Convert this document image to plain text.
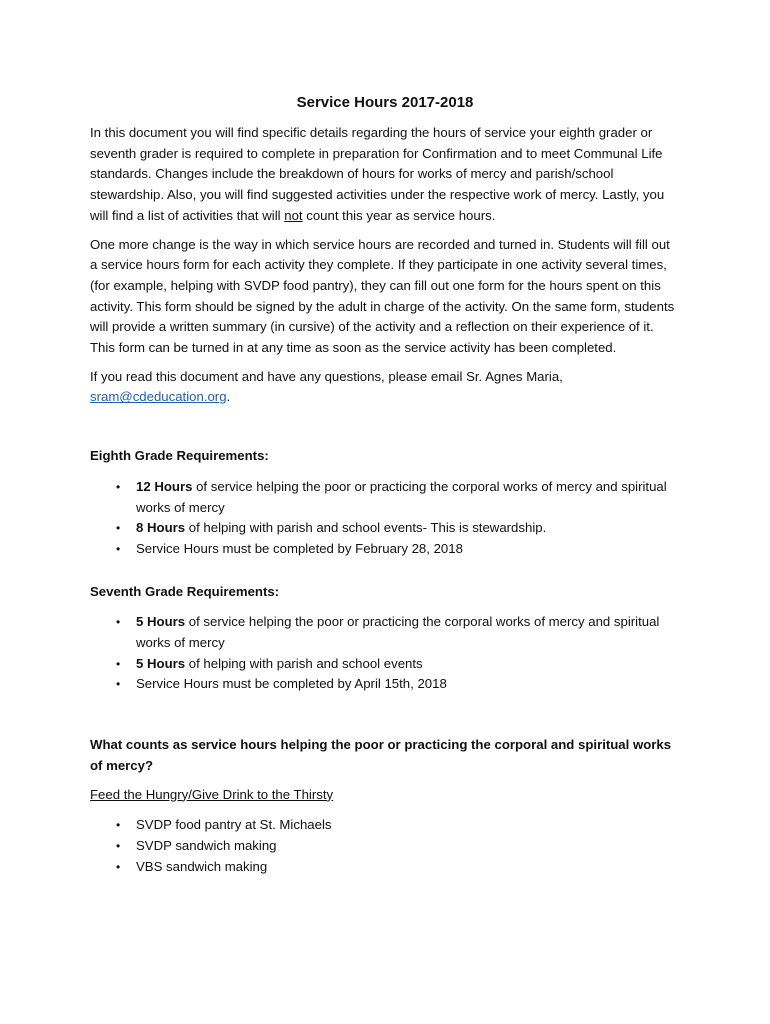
Service Hours 2017-2018

In this document you will find specific details regarding the hours of service your eighth grader or seventh grader is required to complete in preparation for Confirmation and to meet Communal Life standards. Changes include the breakdown of hours for works of mercy and parish/school stewardship. Also, you will find suggested activities under the respective work of mercy. Lastly, you will find a list of activities that will not count this year as service hours.

One more change is the way in which service hours are recorded and turned in. Students will fill out a service hours form for each activity they complete. If they participate in one activity several times, (for example, helping with SVDP food pantry), they can fill out one form for the hours spent on this activity. This form should be signed by the adult in charge of the activity. On the same form, students will provide a written summary (in cursive) of the activity and a reflection on their experience of it. This form can be turned in at any time as soon as the service activity has been completed.

If you read this document and have any questions, please email Sr. Agnes Maria,
sram@cdeducation.org.

Eighth Grade Requirements:

• 12 Hours of service helping the poor or practicing the corporal works of mercy and spiritual works of mercy
• 8 Hours of helping with parish and school events- This is stewardship.
• Service Hours must be completed by February 28, 2018

Seventh Grade Requirements:

• 5 Hours of service helping the poor or practicing the corporal works of mercy and spiritual works of mercy
• 5 Hours of helping with parish and school events
• Service Hours must be completed by April 15th, 2018

What counts as service hours helping the poor or practicing the corporal and spiritual works of mercy?

Feed the Hungry/Give Drink to the Thirsty

• SVDP food pantry at St. Michaels
• SVDP sandwich making
• VBS sandwich making
